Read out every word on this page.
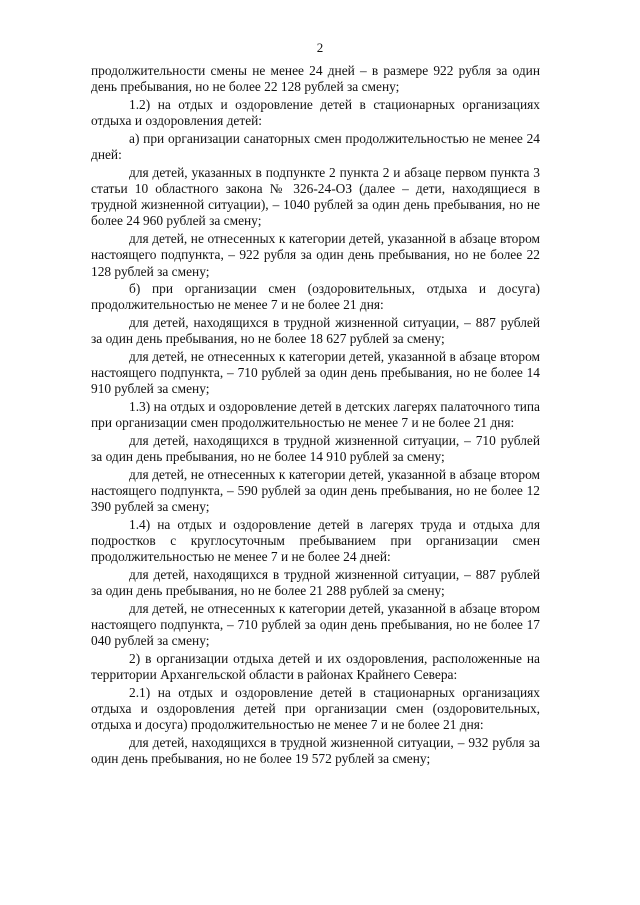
2

продолжительности смены не менее 24 дней – в размере 922 рубля за один день пребывания, но не более 22 128 рублей за смену;

1.2) на отдых и оздоровление детей в стационарных организациях отдыха и оздоровления детей:

а) при организации санаторных смен продолжительностью не менее 24 дней:

для детей, указанных в подпункте 2 пункта 2 и абзаце первом пункта 3 статьи 10 областного закона № 326-24-ОЗ (далее – дети, находящиеся в трудной жизненной ситуации), – 1040 рублей за один день пребывания, но не более 24 960 рублей за смену;

для детей, не отнесенных к категории детей, указанной в абзаце втором настоящего подпункта, – 922 рубля за один день пребывания, но не более 22 128 рублей за смену;

б) при организации смен (оздоровительных, отдыха и досуга) продолжительностью не менее 7 и не более 21 дня:

для детей, находящихся в трудной жизненной ситуации, – 887 рублей за один день пребывания, но не более 18 627 рублей за смену;

для детей, не отнесенных к категории детей, указанной в абзаце втором настоящего подпункта, – 710 рублей за один день пребывания, но не более 14 910 рублей за смену;

1.3) на отдых и оздоровление детей в детских лагерях палаточного типа при организации смен продолжительностью не менее 7 и не более 21 дня:

для детей, находящихся в трудной жизненной ситуации, – 710 рублей за один день пребывания, но не более 14 910 рублей за смену;

для детей, не отнесенных к категории детей, указанной в абзаце втором настоящего подпункта, – 590 рублей за один день пребывания, но не более 12 390 рублей за смену;

1.4) на отдых и оздоровление детей в лагерях труда и отдыха для подростков с круглосуточным пребыванием при организации смен продолжительностью не менее 7 и не более 24 дней:

для детей, находящихся в трудной жизненной ситуации, – 887 рублей за один день пребывания, но не более 21 288 рублей за смену;

для детей, не отнесенных к категории детей, указанной в абзаце втором настоящего подпункта, – 710 рублей за один день пребывания, но не более 17 040 рублей за смену;

2) в организации отдыха детей и их оздоровления, расположенные на территории Архангельской области в районах Крайнего Севера:

2.1) на отдых и оздоровление детей в стационарных организациях отдыха и оздоровления детей при организации смен (оздоровительных, отдыха и досуга) продолжительностью не менее 7 и не более 21 дня:

для детей, находящихся в трудной жизненной ситуации, – 932 рубля за один день пребывания, но не более 19 572 рублей за смену;
